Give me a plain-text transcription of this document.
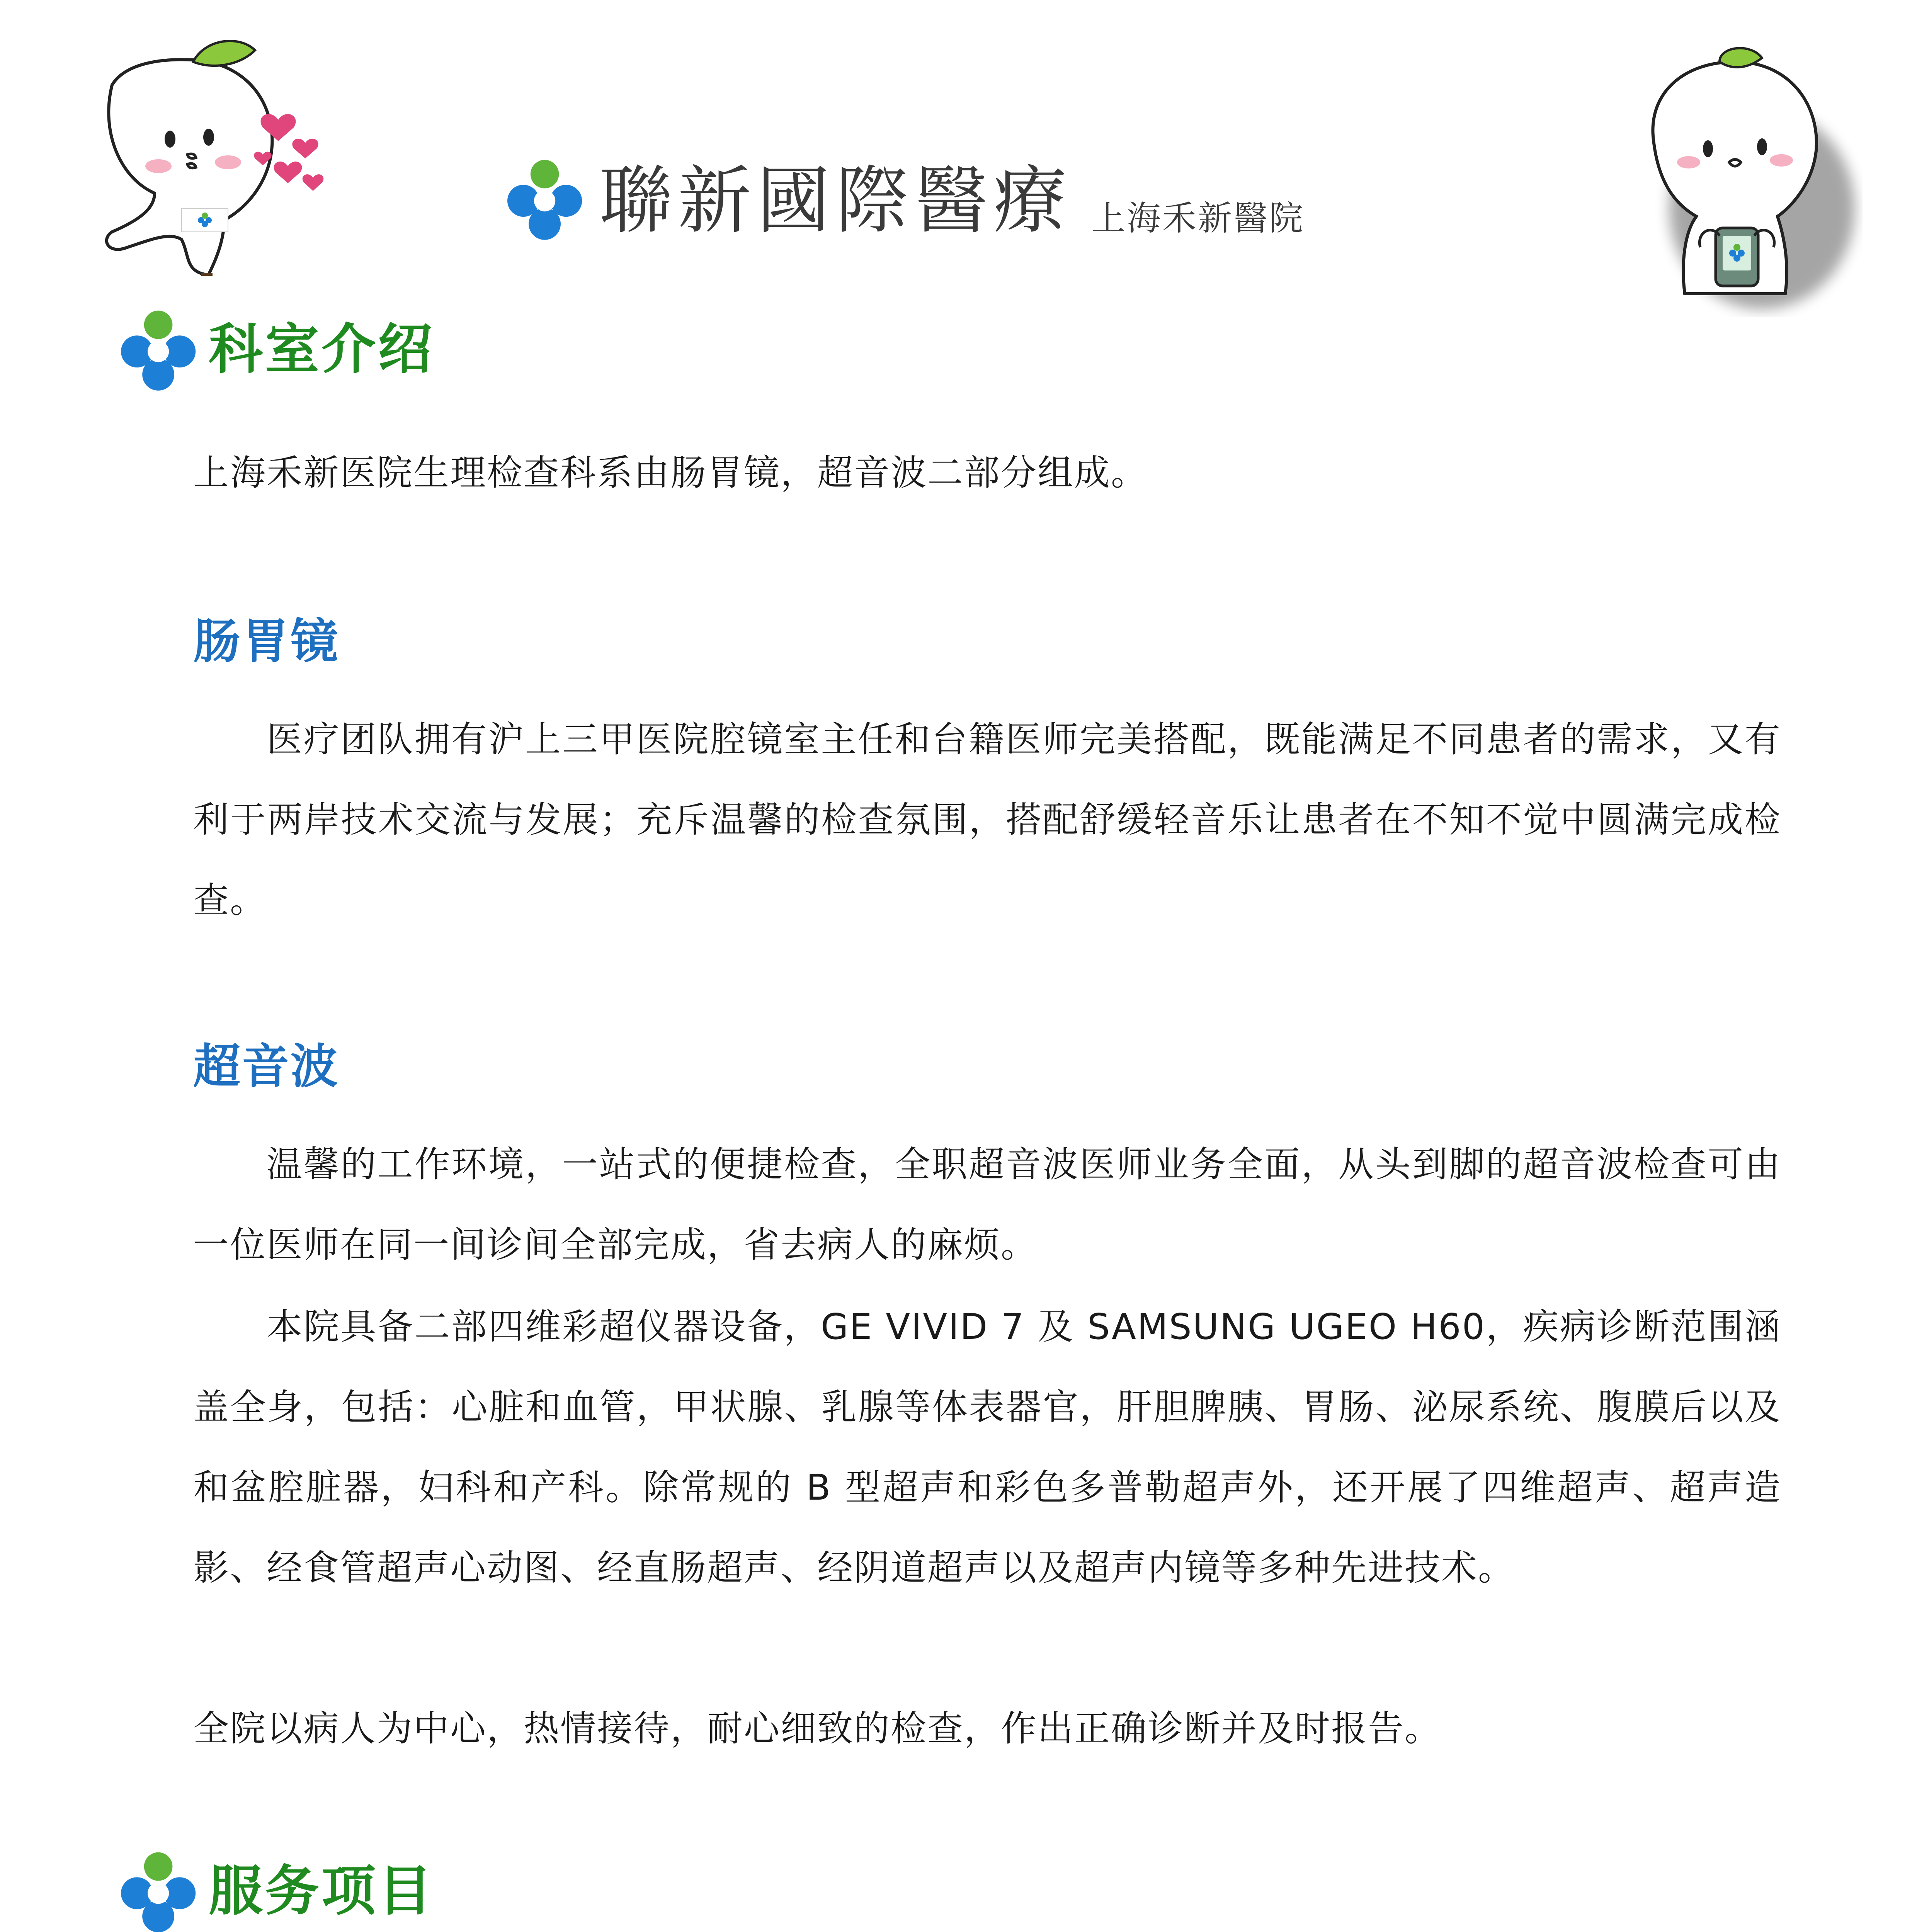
聯新國際醫療 上海禾新醫院
科室介绍

上海禾新医院生理检查科系由肠胃镜，超音波二部分组成。

肠胃镜

医疗团队拥有沪上三甲医院腔镜室主任和台籍医师完美搭配，既能满足不同患者的需求，又有利于两岸技术交流与发展；充斥温馨的检查氛围，搭配舒缓轻音乐让患者在不知不觉中圆满完成检查。

超音波

温馨的工作环境，一站式的便捷检查，全职超音波医师业务全面，从头到脚的超音波检查可由一位医师在同一间诊间全部完成，省去病人的麻烦。

本院具备二部四维彩超仪器设备，GE VIVID 7 及 SAMSUNG UGEO H60，疾病诊断范围涵盖全身，包括：心脏和血管，甲状腺、乳腺等体表器官，肝胆脾胰、胃肠、泌尿系统、腹膜后以及和盆腔脏器，妇科和产科。除常规的 B 型超声和彩色多普勒超声外，还开展了四维超声、超声造影、经食管超声心动图、经直肠超声、经阴道超声以及超声内镜等多种先进技术。

全院以病人为中心，热情接待，耐心细致的检查，作出正确诊断并及时报告。

服务项目
